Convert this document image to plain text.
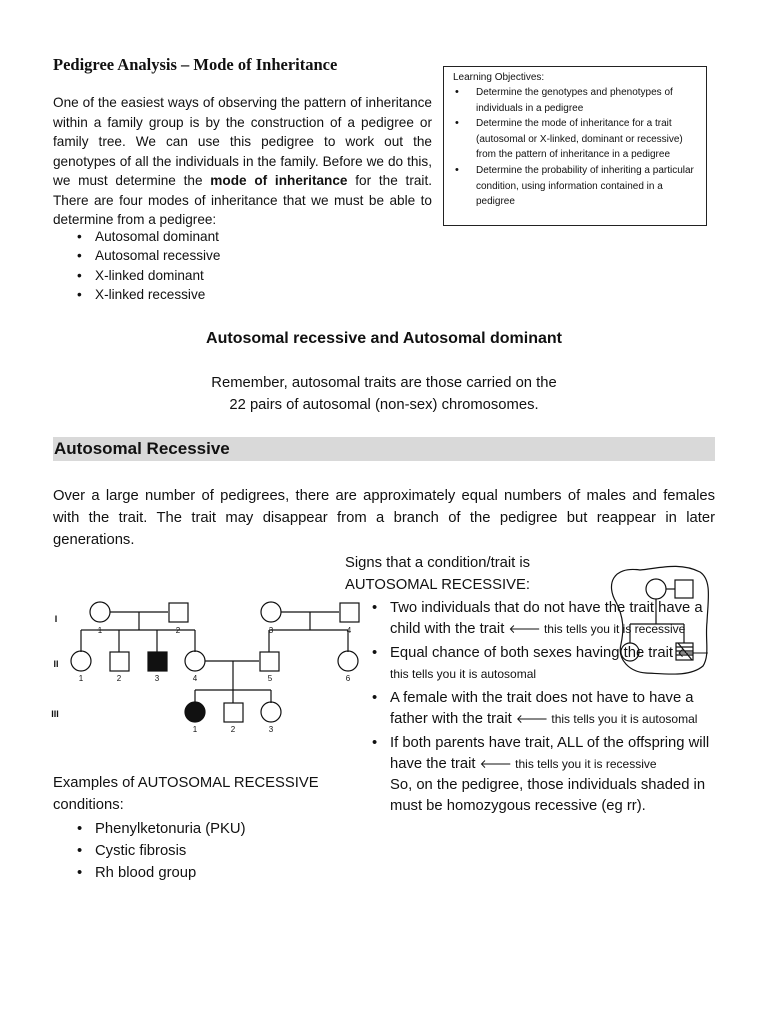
Pedigree Analysis – Mode of Inheritance
One of the easiest ways of observing the pattern of inheritance within a family group is by the construction of a pedigree or family tree. We can use this pedigree to work out the genotypes of all the individuals in the family. Before we do this, we must determine the mode of inheritance for the trait. There are four modes of inheritance that we must be able to determine from a pedigree:
• Autosomal dominant
• Autosomal recessive
• X-linked dominant
• X-linked recessive
Learning Objectives:
• Determine the genotypes and phenotypes of individuals in a pedigree
• Determine the mode of inheritance for a trait (autosomal or X-linked, dominant or recessive) from the pattern of inheritance in a pedigree
• Determine the probability of inheriting a particular condition, using information contained in a pedigree
Autosomal recessive and Autosomal dominant
Remember, autosomal traits are those carried on the
22 pairs of autosomal (non-sex) chromosomes.
Autosomal Recessive
Over a large number of pedigrees, there are approximately equal numbers of males and females with the trait. The trait may disappear from a branch of the pedigree but reappear in later generations.
Signs that a condition/trait is
AUTOSOMAL RECESSIVE:
• Two individuals that do not have the trait have a child with the trait 🡐 this tells you it is recessive
• Equal chance of both sexes having the trait 🡐 this tells you it is autosomal
• A female with the trait does not have to have a father with the trait 🡐 this tells you it is autosomal
• If both parents have trait, ALL of the offspring will have the trait 🡐 this tells you it is recessive
So, on the pedigree, those individuals shaded in must be homozygous recessive (eg rr).
Examples of AUTOSOMAL RECESSIVE
conditions:
• Phenylketonuria (PKU)
• Cystic fibrosis
• Rh blood group
I
II
III
1	2	3	4
1	2	3	4	5	6
1	2	3
